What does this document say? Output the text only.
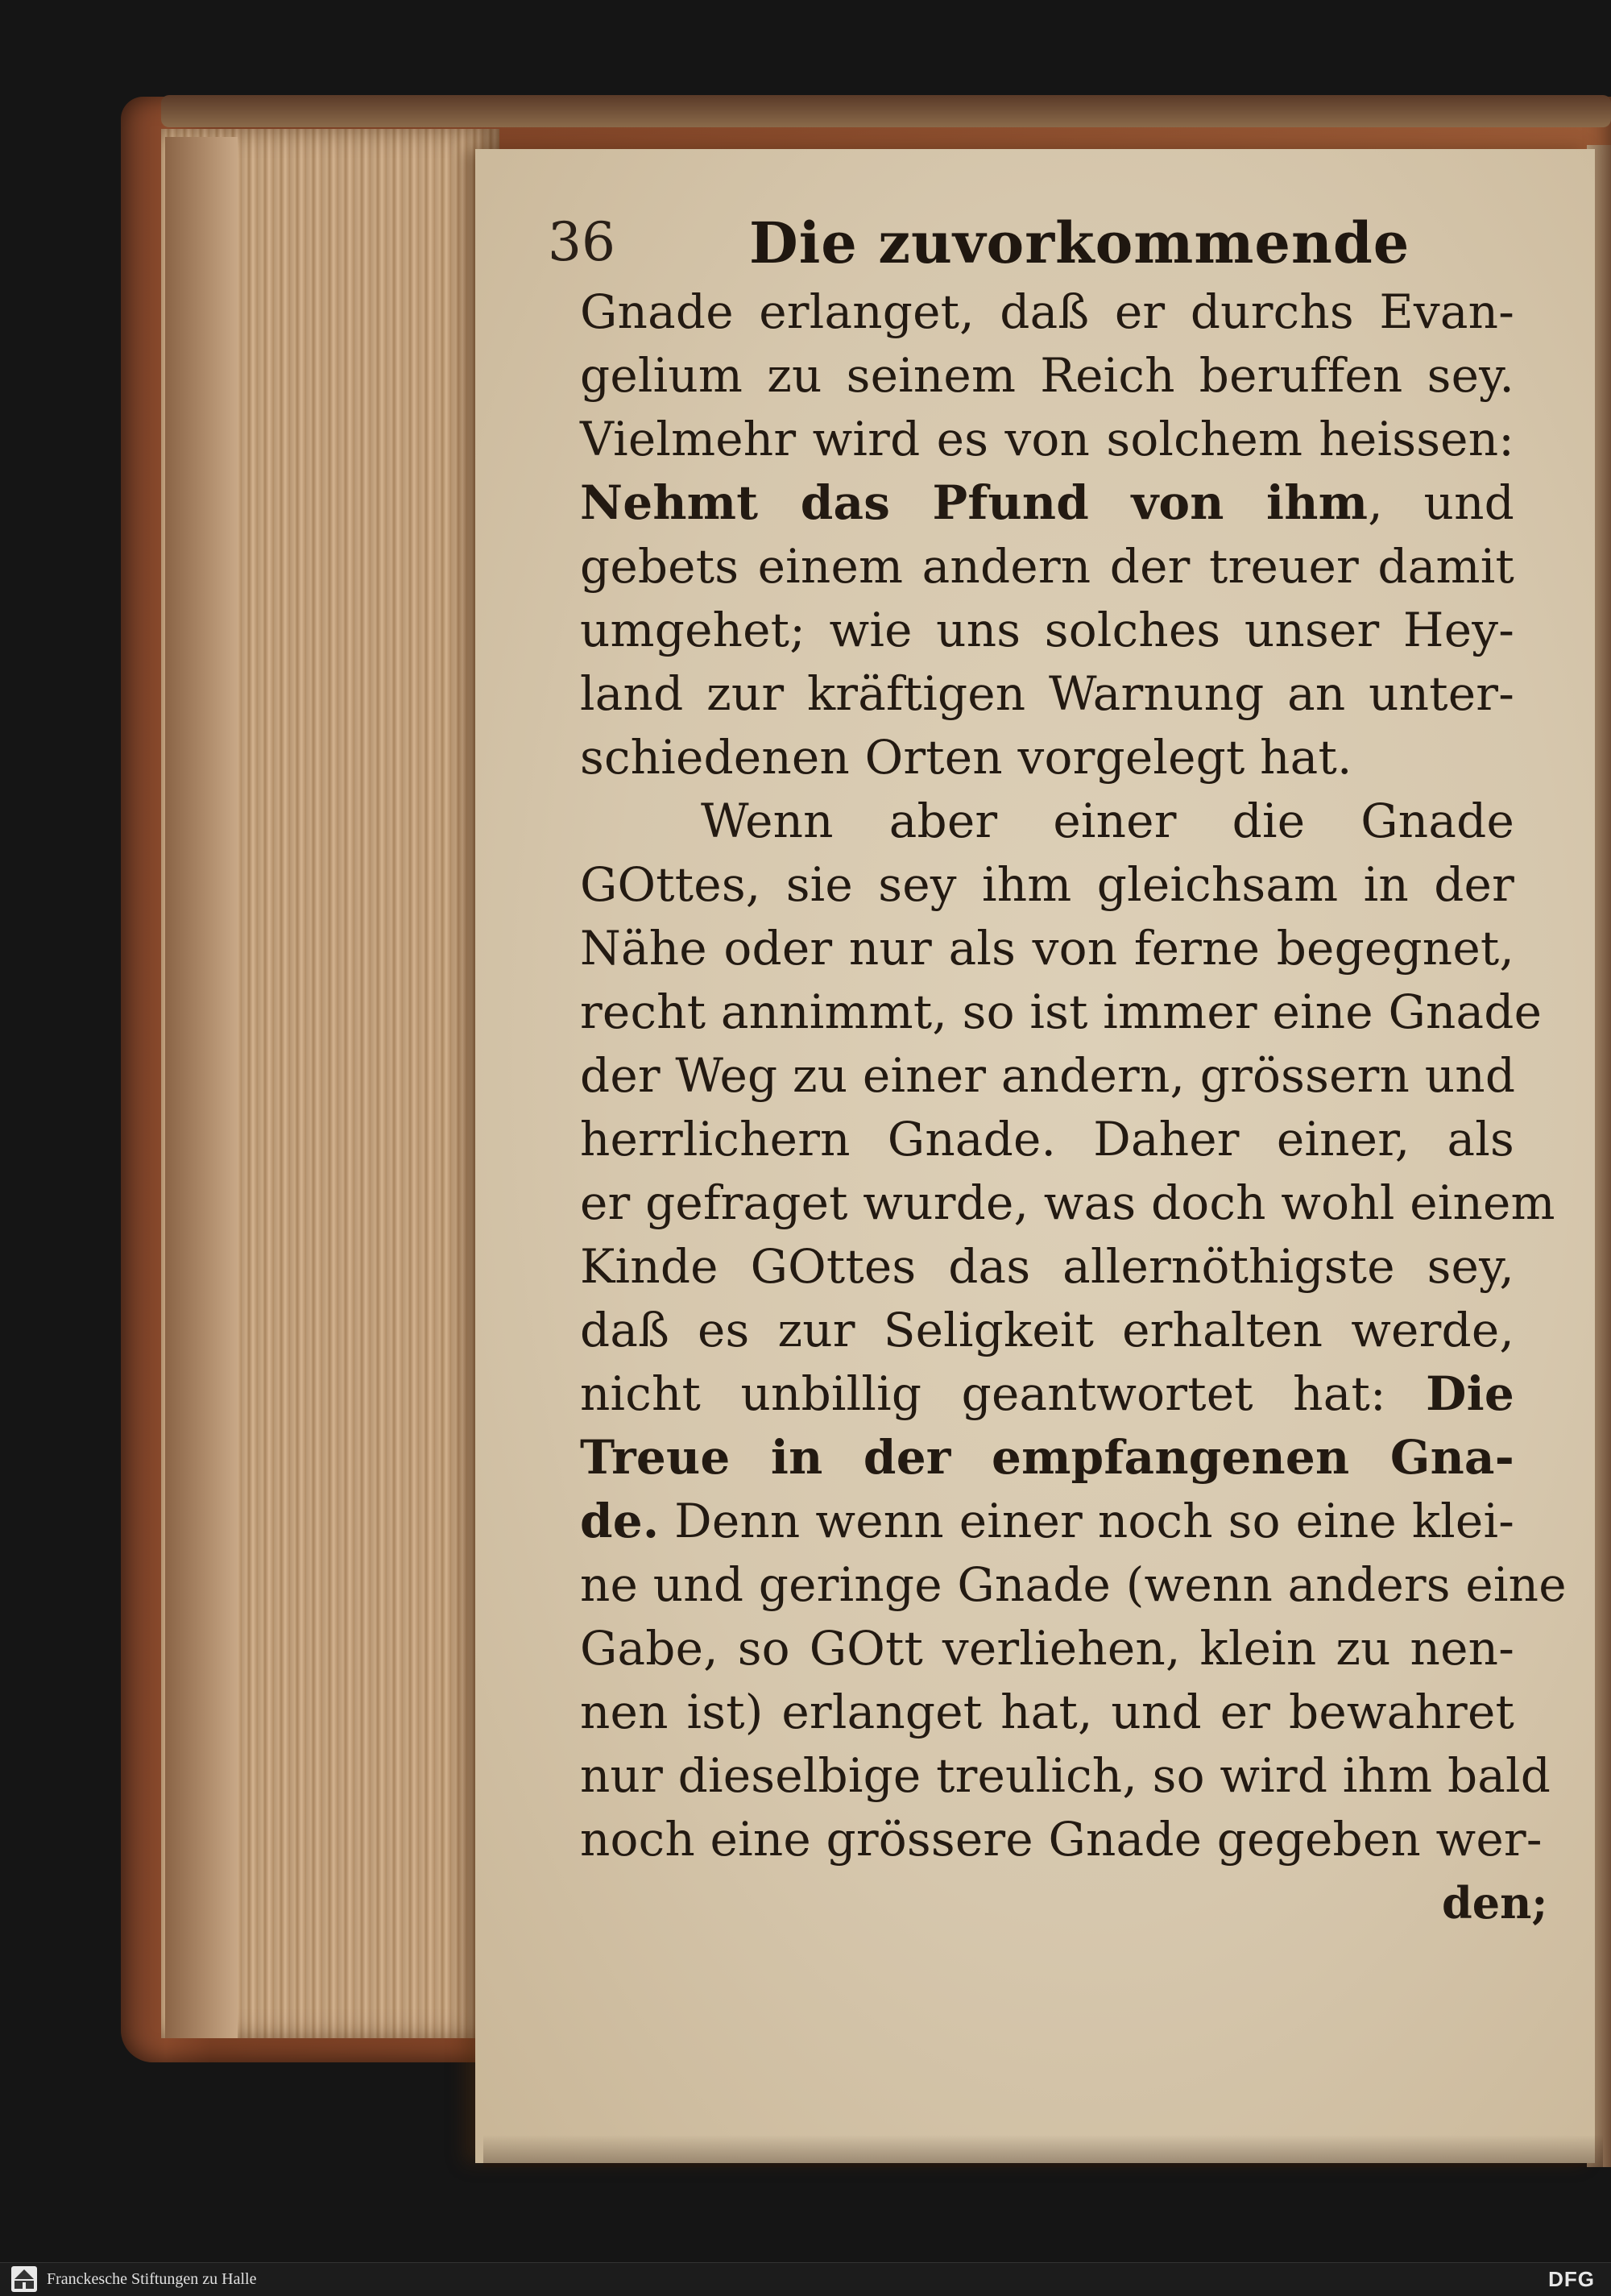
36 Die zuvorkommende
Gnade erlanget, daß er durchs Evan-
gelium zu seinem Reich beruffen sey.
Vielmehr wird es von solchem heissen:
Nehmt das Pfund von ihm, und
gebets einem andern der treuer damit
umgehet; wie uns solches unser Hey-
land zur kräftigen Warnung an unter-
schiedenen Orten vorgelegt hat.
Wenn aber einer die Gnade
GOttes, sie sey ihm gleichsam in der
Nähe oder nur als von ferne begegnet,
recht annimmt, so ist immer eine Gnade
der Weg zu einer andern, grössern und
herrlichern Gnade. Daher einer, als
er gefraget wurde, was doch wohl einem
Kinde GOttes das allernöthigste sey,
daß es zur Seligkeit erhalten werde,
nicht unbillig geantwortet hat: Die
Treue in der empfangenen Gna-
de. Denn wenn einer noch so eine klei-
ne und geringe Gnade (wenn anders eine
Gabe, so GOtt verliehen, klein zu nen-
nen ist) erlanget hat, und er bewahret
nur dieselbige treulich, so wird ihm bald
noch eine grössere Gnade gegeben wer-
den;
Franckesche Stiftungen zu Halle	DFG
